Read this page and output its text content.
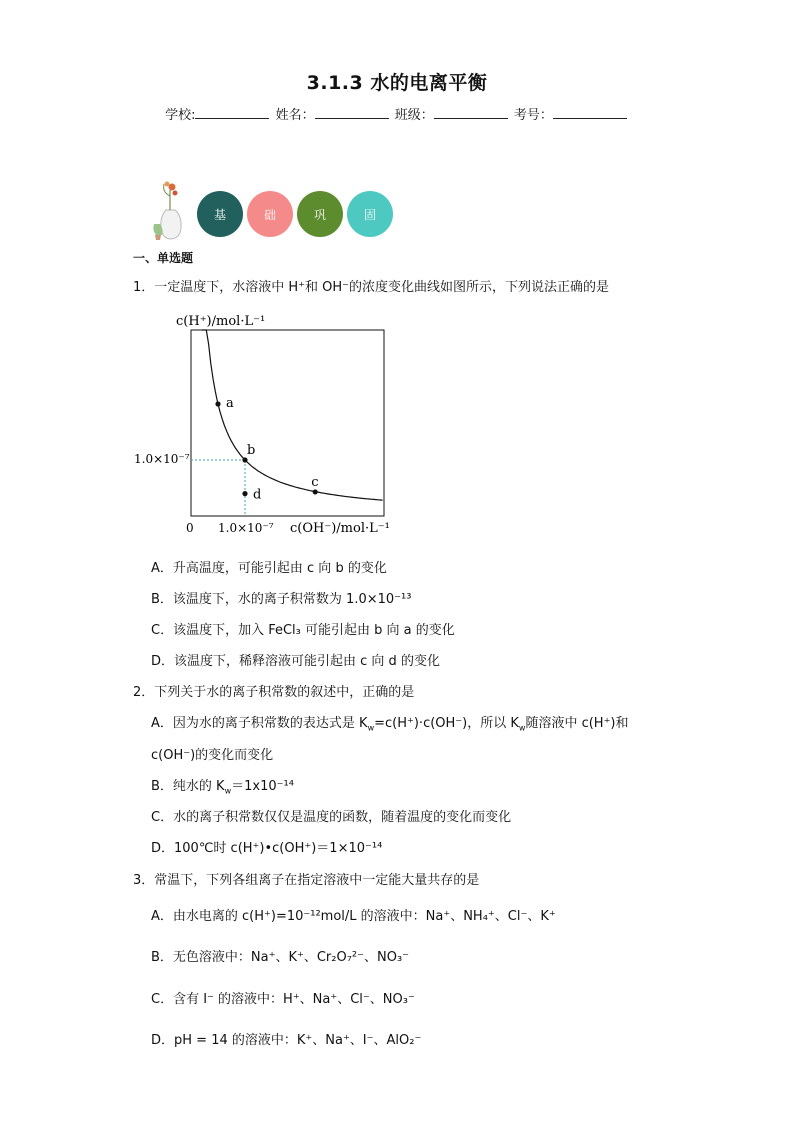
3.1.3 水的电离平衡
学校:	姓名：	班级：	考号：
基	础	巩	固
一、单选题
1．一定温度下，水溶液中 H⁺和 OH⁻的浓度变化曲线如图所示，下列说法正确的是
c(H⁺)/mol·L⁻¹
a
b
c
d
1.0×10⁻⁷
0 1.0×10⁻⁷ c(OH⁻)/mol·L⁻¹
A．升高温度，可能引起由 c 向 b 的变化
B．该温度下，水的离子积常数为 1.0×10⁻¹³
C．该温度下，加入 FeCl₃ 可能引起由 b 向 a 的变化
D．该温度下，稀释溶液可能引起由 c 向 d 的变化
2．下列关于水的离子积常数的叙述中，正确的是
A．因为水的离子积常数的表达式是 $K_w=c(H^+)\cdot c(OH^-)$，所以 $K_w$随溶液中 c(H⁺)和
c(OH⁻)的变化而变化
B．纯水的 $K_w=1x10^{-14}$
C．水的离子积常数仅仅是温度的函数，随着温度的变化而变化
D．100℃时 c(H⁺)•c(OH⁺)＝1×10⁻¹⁴
3．常温下，下列各组离子在指定溶液中一定能大量共存的是
A．由水电离的 c(H⁺)=10⁻¹²mol/L 的溶液中：Na⁺、NH₄⁺、Cl⁻、K⁺
B．无色溶液中：Na⁺、K⁺、Cr₂O₇²⁻、NO₃⁻
C．含有 I⁻ 的溶液中：H⁺、Na⁺、Cl⁻、NO₃⁻
D．pH = 14 的溶液中：K⁺、Na⁺、I⁻、AlO₂⁻
